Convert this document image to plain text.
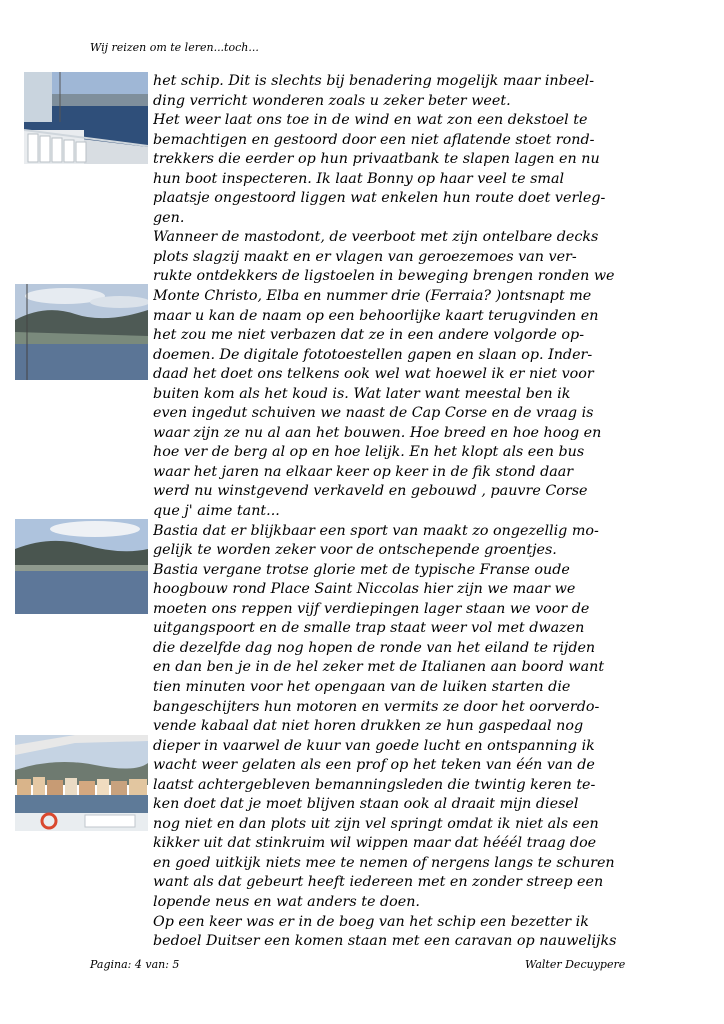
Wij reizen om te leren...toch...
het schip. Dit is slechts bij benadering mogelijk maar inbeel-
ding verricht wonderen zoals u zeker beter weet.
Het weer laat ons toe in de wind en wat zon een dekstoel te
bemachtigen en gestoord door een niet aflatende stoet rond-
trekkers die eerder op hun privaatbank te slapen lagen en nu
hun boot inspecteren. Ik laat Bonny op haar veel te smal
plaatsje ongestoord liggen wat enkelen hun route doet verleg-
gen.
Wanneer de mastodont, de veerboot met zijn ontelbare decks
plots slagzij maakt en er vlagen van geroezemoes van ver-
rukte ontdekkers de ligstoelen in beweging brengen ronden we
Monte Christo, Elba en nummer drie (Ferraia? )ontsnapt me
maar u kan de naam op een behoorlijke kaart terugvinden en
het zou me niet verbazen dat ze in een andere volgorde op-
doemen. De digitale fototoestellen gapen en slaan op. Inder-
daad het doet ons telkens ook wel wat hoewel ik er niet voor
buiten kom als het koud is. Wat later want meestal ben ik
even ingedut schuiven we naast de Cap Corse en de vraag is
waar zijn ze nu al aan het bouwen. Hoe breed en hoe hoog en
hoe ver de berg al op en hoe lelijk. En het klopt als een bus
waar het jaren na elkaar keer op keer in de fik stond daar
werd nu winstgevend verkaveld en gebouwd , pauvre Corse
que j' aime tant...
Bastia dat er blijkbaar een sport van maakt zo ongezellig mo-
gelijk te worden zeker voor de ontschepende groentjes.
Bastia vergane trotse glorie met de typische Franse oude
hoogbouw rond Place Saint Niccolas hier zijn we maar we
moeten ons reppen vijf verdiepingen lager staan we voor de
uitgangspoort en de smalle trap staat weer vol met dwazen
die dezelfde dag nog hopen de ronde van het eiland te rijden
en dan ben je in de hel zeker met de Italianen aan boord want
tien minuten voor het opengaan van de luiken starten die
bangeschijters hun motoren en vermits ze door het oorverdo-
vende kabaal dat niet horen drukken ze hun gaspedaal nog
dieper in vaarwel de kuur van goede lucht en ontspanning ik
wacht weer gelaten als een prof op het teken van één van de
laatst achtergebleven bemanningsleden die twintig keren te-
ken doet dat je moet blijven staan ook al draait mijn diesel
nog niet en dan plots uit zijn vel springt omdat ik niet als een
kikker uit dat stinkruim wil wippen maar dat hééél traag doe
en goed uitkijk niets mee te nemen of nergens langs te schuren
want als dat gebeurt heeft iedereen met en zonder streep een
lopende neus en wat anders te doen.
Op een keer was er in de boeg van het schip een bezetter ik
bedoel Duitser een komen staan met een caravan op nauwelijks
Pagina: 4 van: 5	Walter Decuypere
